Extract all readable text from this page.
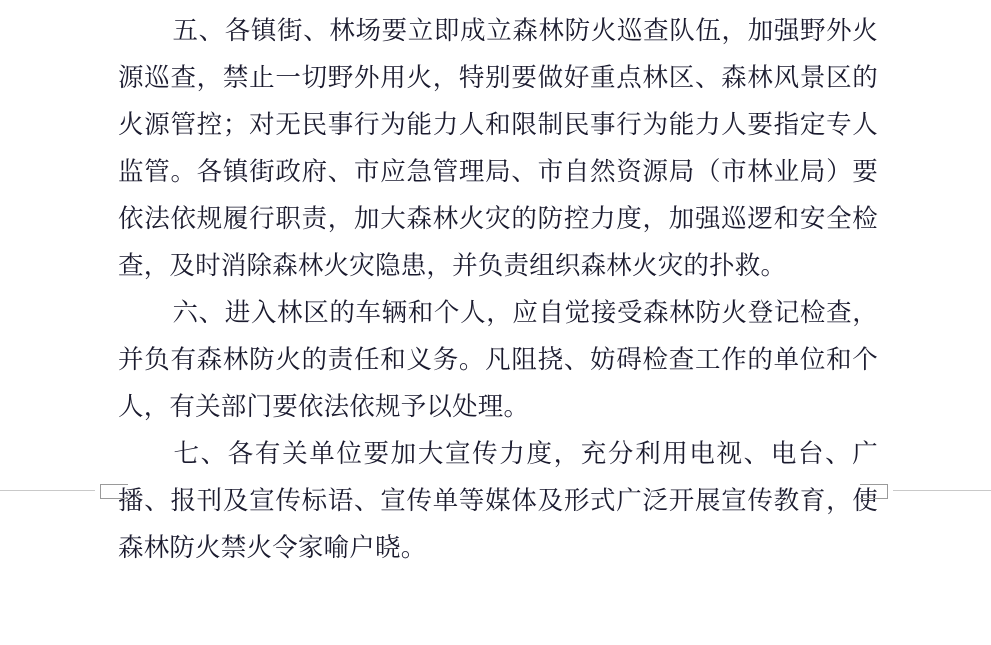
五、各镇街、林场要立即成立森林防火巡查队伍，加强野外火源巡查，禁止一切野外用火，特别要做好重点林区、森林风景区的火源管控；对无民事行为能力人和限制民事行为能力人要指定专人监管。各镇街政府、市应急管理局、市自然资源局（市林业局）要依法依规履行职责，加大森林火灾的防控力度，加强巡逻和安全检查，及时消除森林火灾隐患，并负责组织森林火灾的扑救。

六、进入林区的车辆和个人，应自觉接受森林防火登记检查，并负有森林防火的责任和义务。凡阻挠、妨碍检查工作的单位和个人，有关部门要依法依规予以处理。

七、各有关单位要加大宣传力度，充分利用电视、电台、广播、报刊及宣传标语、宣传单等媒体及形式广泛开展宣传教育，使森林防火禁火令家喻户晓。
